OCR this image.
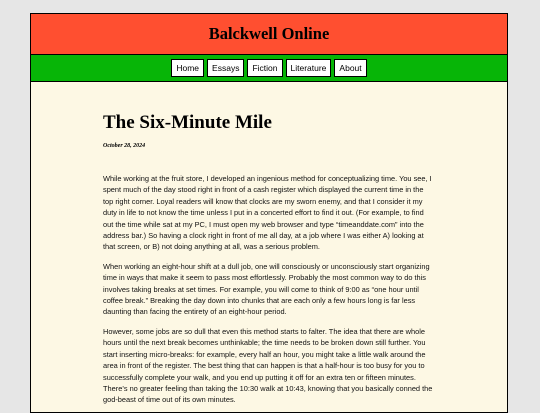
Balckwell Online
Home	Essays	Fiction	Literature	About
The Six-Minute Mile

October 28, 2024

While working at the fruit store, I developed an ingenious method for conceptualizing time. You see, I spent much of the day stood right in front of a cash register which displayed the current time in the top right corner. Loyal readers will know that clocks are my sworn enemy, and that I consider it my duty in life to not know the time unless I put in a concerted effort to find it out. (For example, to find out the time while sat at my PC, I must open my web browser and type “timeanddate.com” into the address bar.) So having a clock right in front of me all day, at a job where I was either A) looking at that screen, or B) not doing anything at all, was a serious problem.

When working an eight-hour shift at a dull job, one will consciously or unconsciously start organizing time in ways that make it seem to pass most effortlessly. Probably the most common way to do this involves taking breaks at set times. For example, you will come to think of 9:00 as “one hour until coffee break.” Breaking the day down into chunks that are each only a few hours long is far less daunting than facing the entirety of an eight-hour period.

However, some jobs are so dull that even this method starts to falter. The idea that there are whole hours until the next break becomes unthinkable; the time needs to be broken down still further. You start inserting micro-breaks: for example, every half an hour, you might take a little walk around the area in front of the register. The best thing that can happen is that a half-hour is too busy for you to successfully complete your walk, and you end up putting it off for an extra ten or fifteen minutes. There’s no greater feeling than taking the 10:30 walk at 10:43, knowing that you basically conned the god-beast of time out of its own minutes.
